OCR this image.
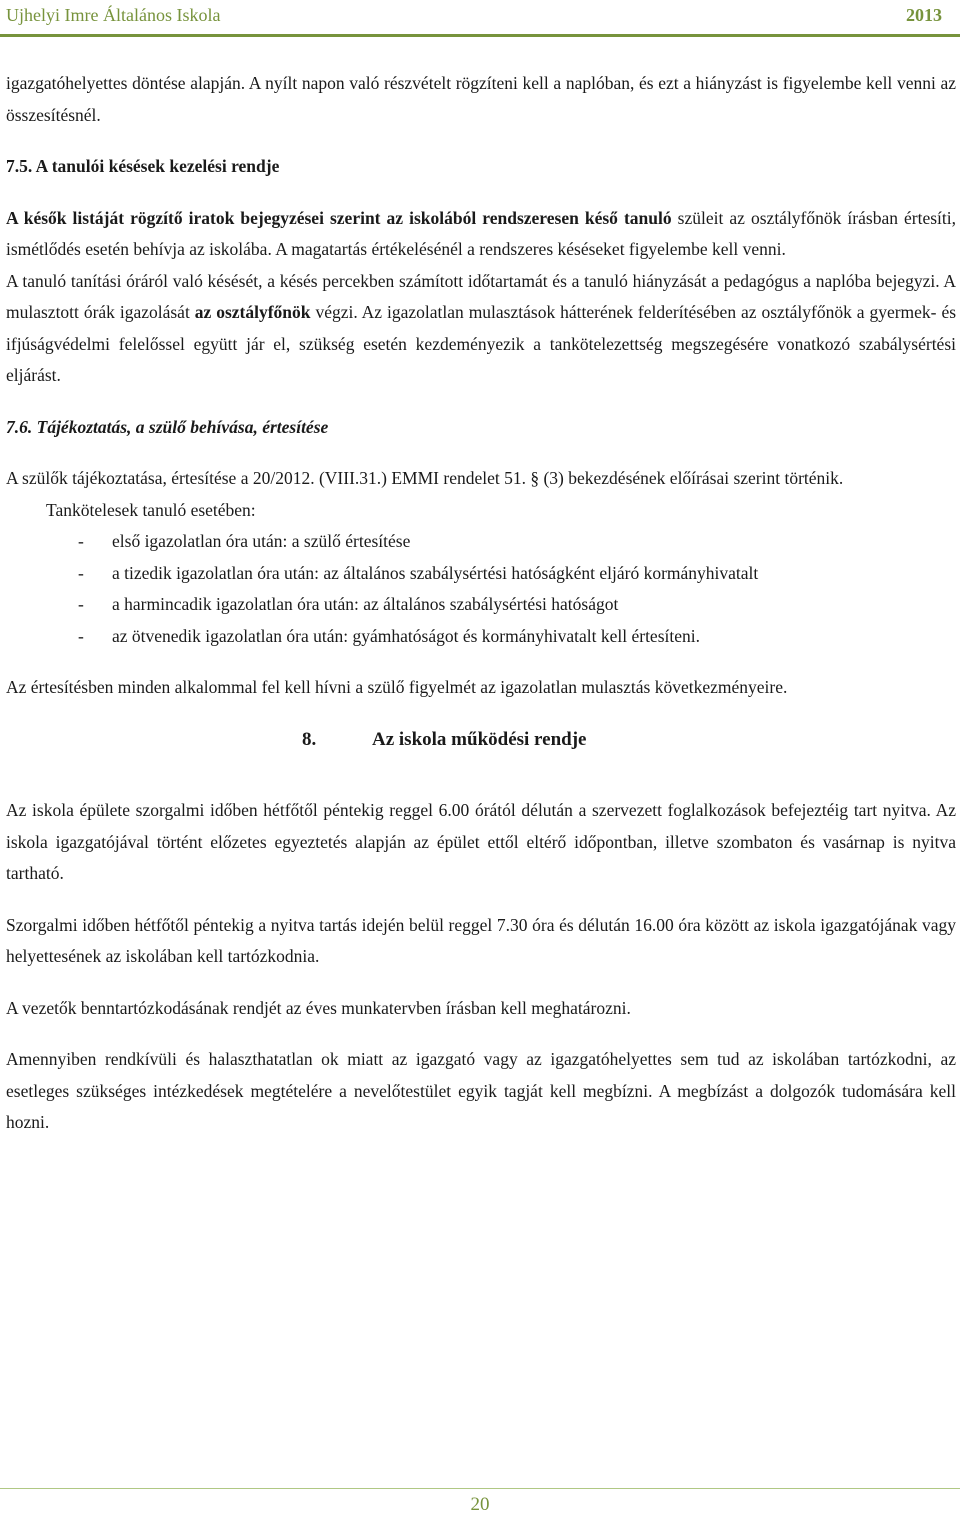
Ujhelyi Imre Általános Iskola	2013

igazgatóhelyettes döntése alapján. A nyílt napon való részvételt rögzíteni kell a naplóban, és ezt a hiányzást is figyelembe kell venni az összesítésnél.

7.5. A tanulói késések kezelési rendje

A késők listáját rögzítő iratok bejegyzései szerint az iskolából rendszeresen késő tanuló szüleit az osztályfőnök írásban értesíti, ismétlődés esetén behívja az iskolába. A magatartás értékelésénél a rendszeres késéseket figyelembe kell venni.

A tanuló tanítási óráról való késését, a késés percekben számított időtartamát és a tanuló hiányzását a pedagógus a naplóba bejegyzi. A mulasztott órák igazolását az osztályfőnök végzi. Az igazolatlan mulasztások hátterének felderítésében az osztályfőnök a gyermek- és ifjúságvédelmi felelőssel együtt jár el, szükség esetén kezdeményezik a tankötelezettség megszegésére vonatkozó szabálysértési eljárást.

7.6. Tájékoztatás, a szülő behívása, értesítése

A szülők tájékoztatása, értesítése a 20/2012. (VIII.31.) EMMI rendelet 51. § (3) bekezdésének előírásai szerint történik.

Tankötelesek tanuló esetében:

- első igazolatlan óra után: a szülő értesítése
- a tizedik igazolatlan óra után: az általános szabálysértési hatóságként eljáró kormányhivatalt
- a harmincadik igazolatlan óra után: az általános szabálysértési hatóságot
- az ötvenedik igazolatlan óra után: gyámhatóságot és kormányhivatalt kell értesíteni.

Az értesítésben minden alkalommal fel kell hívni a szülő figyelmét az igazolatlan mulasztás következményeire.

8.	Az iskola működési rendje

Az iskola épülete szorgalmi időben hétfőtől péntekig reggel 6.00 órától délután a szervezett foglalkozások befejeztéig tart nyitva. Az iskola igazgatójával történt előzetes egyeztetés alapján az épület ettől eltérő időpontban, illetve szombaton és vasárnap is nyitva tartható.

Szorgalmi időben hétfőtől péntekig a nyitva tartás idején belül reggel 7.30 óra és délután 16.00 óra között az iskola igazgatójának vagy helyettesének az iskolában kell tartózkodnia.

A vezetők benntartózkodásának rendjét az éves munkatervben írásban kell meghatározni.

Amennyiben rendkívüli és halaszthatatlan ok miatt az igazgató vagy az igazgatóhelyettes sem tud az iskolában tartózkodni, az esetleges szükséges intézkedések megtételére a nevelőtestület egyik tagját kell megbízni. A megbízást a dolgozók tudomására kell hozni.

20
